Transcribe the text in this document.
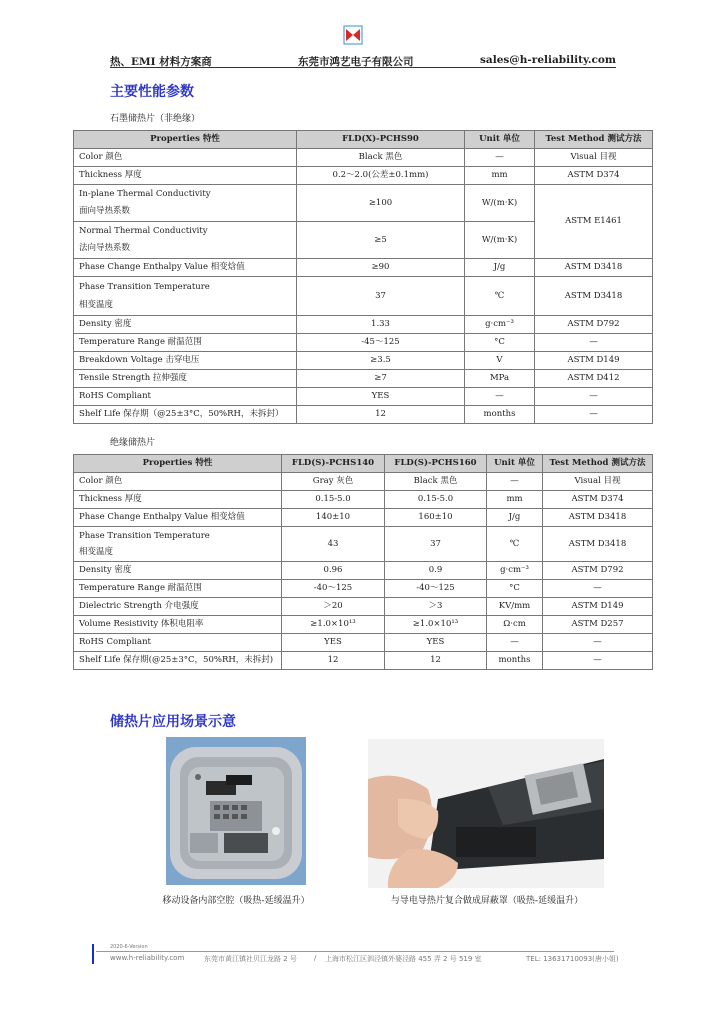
热、EMI 材料方案商	东莞市鸿艺电子有限公司	sales@h-reliability.com
主要性能参数
石墨储热片（非绝缘）
Properties 特性	FLD(X)-PCHS90	Unit 单位	Test Method 测试方法
Color 颜色	Black 黑色	—	Visual 目视
Thickness 厚度	0.2～2.0(公差±0.1mm)	mm	ASTM D374

In-plane Thermal Conductivity
面向导热系数	≥100	W/(m·K)	ASTM E1461

Normal Thermal Conductivity
法向导热系数	≥5	W/(m·K)	
Phase Change Enthalpy Value 相变焓值	≥90	J/g	ASTM D3418

Phase Transition Temperature
相变温度	37	℃	ASTM D3418
Density 密度	1.33	g·cm⁻³	ASTM D792
Temperature Range 耐温范围	-45～125	°C	—
Breakdown Voltage 击穿电压	≥3.5	V	ASTM D149
Tensile Strength 拉伸强度	≥7	MPa	ASTM D412
RoHS Compliant	YES	—	—
Shelf Life 保存期（@25±3°C，50%RH，未拆封）	12	months	—
绝缘储热片
Properties 特性	FLD(S)-PCHS140	FLD(S)-PCHS160	Unit 单位	Test Method 测试方法
Color 颜色	Gray 灰色	Black 黑色	—	Visual 目视
Thickness 厚度	0.15-5.0	0.15-5.0	mm	ASTM D374
Phase Change Enthalpy Value 相变焓值	140±10	160±10	J/g	ASTM D3418

Phase Transition Temperature
相变温度	43	37	℃	ASTM D3418
Density 密度	0.96	0.9	g·cm⁻³	ASTM D792
Temperature Range 耐温范围	-40～125	-40～125	°C	—
Dielectric Strength 介电强度	＞20	＞3	KV/mm	ASTM D149
Volume Resistivity 体积电阻率	≥1.0×10¹³	≥1.0×10¹³	Ω·cm	ASTM D257
RoHS Compliant	YES	YES	—	—
Shelf Life 保存期(@25±3°C，50%RH，未拆封)	12	12	months	—
储热片应用场景示意
移动设备内部空腔（吸热-延缓温升）	与导电导热片复合做成屏蔽罩（吸热-延缓温升）
2020-6-Version
www.h-reliability.com	东莞市黄江镇社贝江龙路 2 号 / 上海市松江区泗泾镇外婆泾路 455 弄 2 号 519 室	TEL: 13631710093(唐小姐)
